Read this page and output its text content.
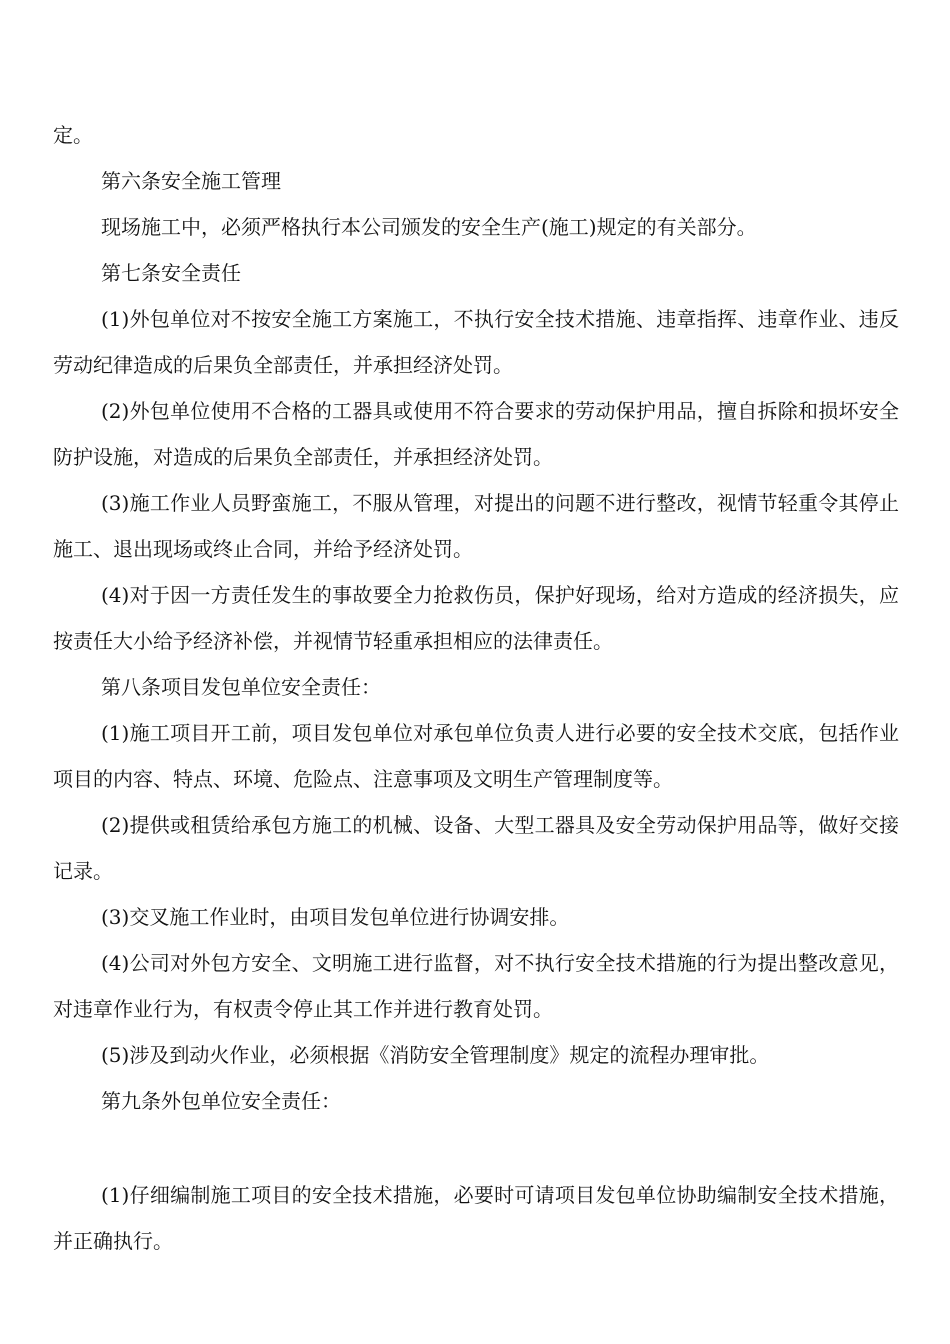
定。

第六条安全施工管理

现场施工中，必须严格执行本公司颁发的安全生产(施工)规定的有关部分。

第七条安全责任

(1)外包单位对不按安全施工方案施工，不执行安全技术措施、违章指挥、违章作业、违反劳动纪律造成的后果负全部责任，并承担经济处罚。

(2)外包单位使用不合格的工器具或使用不符合要求的劳动保护用品，擅自拆除和损坏安全防护设施，对造成的后果负全部责任，并承担经济处罚。

(3)施工作业人员野蛮施工，不服从管理，对提出的问题不进行整改，视情节轻重令其停止施工、退出现场或终止合同，并给予经济处罚。

(4)对于因一方责任发生的事故要全力抢救伤员，保护好现场，给对方造成的经济损失，应按责任大小给予经济补偿，并视情节轻重承担相应的法律责任。

第八条项目发包单位安全责任：

(1)施工项目开工前，项目发包单位对承包单位负责人进行必要的安全技术交底，包括作业项目的内容、特点、环境、危险点、注意事项及文明生产管理制度等。

(2)提供或租赁给承包方施工的机械、设备、大型工器具及安全劳动保护用品等，做好交接记录。

(3)交叉施工作业时，由项目发包单位进行协调安排。

(4)公司对外包方安全、文明施工进行监督，对不执行安全技术措施的行为提出整改意见，对违章作业行为，有权责令停止其工作并进行教育处罚。

(5)涉及到动火作业，必须根据《消防安全管理制度》规定的流程办理审批。

第九条外包单位安全责任：

(1)仔细编制施工项目的安全技术措施，必要时可请项目发包单位协助编制安全技术措施，并正确执行。
